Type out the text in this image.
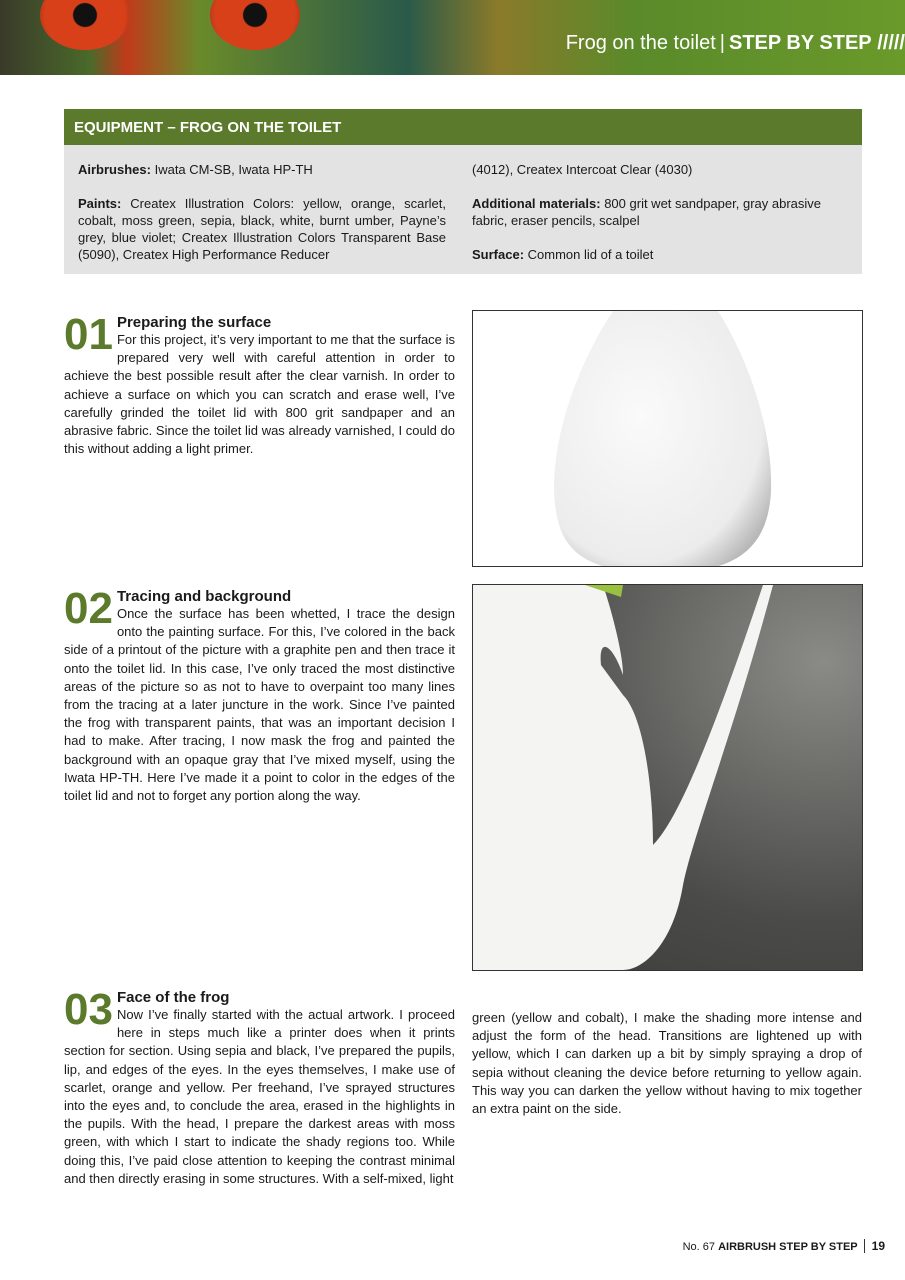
Frog on the toilet | STEP BY STEP /////
EQUIPMENT – FROG ON THE TOILET
Airbrushes: Iwata CM-SB, Iwata HP-TH
Paints: Createx Illustration Colors: yellow, orange, scarlet, cobalt, moss green, sepia, black, white, burnt umber, Payne’s grey, blue violet; Createx Illustration Colors Transparent Base (5090), Createx High Performance Reducer
(4012), Createx Intercoat Clear (4030)
Additional materials: 800 grit wet sandpaper, gray abrasive fabric, eraser pencils, scalpel
Surface: Common lid of a toilet
01 Preparing the surface
For this project, it’s very important to me that the surface is prepared very well with careful attention in order to achieve the best possible result after the clear varnish. In order to achieve a surface on which you can scratch and erase well, I’ve carefully grinded the toilet lid with 800 grit sandpaper and an abrasive fabric. Since the toilet lid was already varnished, I could do this without adding a light primer.
02 Tracing and background
Once the surface has been whetted, I trace the design onto the painting surface. For this, I’ve colored in the back side of a printout of the picture with a graphite pen and then trace it onto the toilet lid. In this case, I’ve only traced the most distinctive areas of the picture so as not to have to overpaint too many lines from the tracing at a later juncture in the work. Since I’ve painted the frog with transparent paints, that was an important decision I had to make. After tracing, I now mask the frog and painted the background with an opaque gray that I’ve mixed myself, using the Iwata HP-TH. Here I’ve made it a point to color in the edges of the toilet lid and not to forget any portion along the way.
03 Face of the frog
Now I’ve finally started with the actual artwork. I proceed here in steps much like a printer does when it prints section for section. Using sepia and black, I’ve prepared the pupils, lip, and edges of the eyes. In the eyes themselves, I make use of scarlet, orange and yellow. Per freehand, I’ve sprayed structures into the eyes and, to conclude the area, erased in the highlights in the pupils. With the head, I prepare the darkest areas with moss green, with which I start to indicate the shady regions too. While doing this, I’ve paid close attention to keeping the contrast minimal and then directly erasing in some structures. With a self-mixed, light
green (yellow and cobalt), I make the shading more intense and adjust the form of the head. Transitions are lightened up with yellow, which I can darken up a bit by simply spraying a drop of sepia without cleaning the device before returning to yellow again. This way you can darken the yellow without having to mix together an extra paint on the side.
No. 67 AIRBRUSH STEP BY STEP 19
